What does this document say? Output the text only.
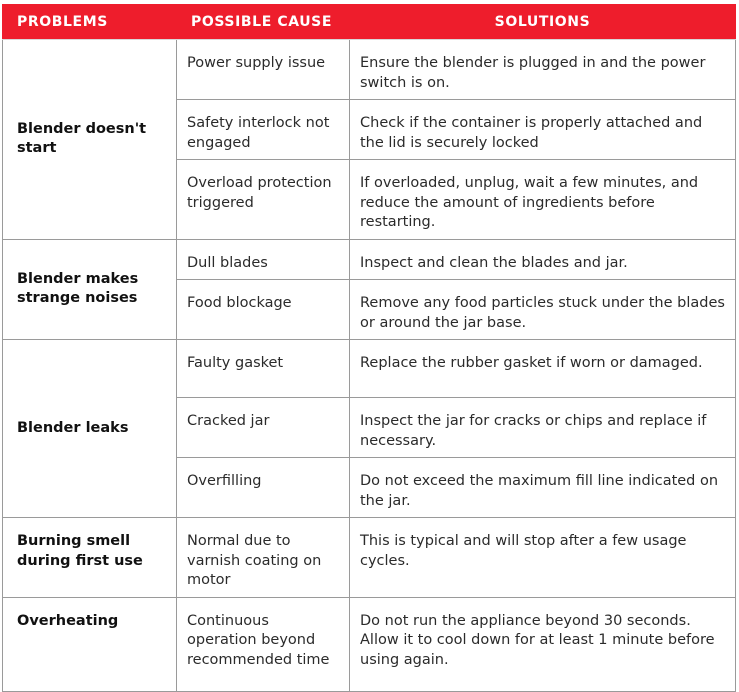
PROBLEMS	POSSIBLE CAUSE	SOLUTIONS
Blender doesn't start	Power supply issue	Ensure the blender is plugged in and the power switch is on.
	Safety interlock not engaged	Check if the container is properly attached and the lid is securely locked
	Overload protection triggered	If overloaded, unplug, wait a few minutes, and reduce the amount of ingredients before restarting.
Blender makes strange noises	Dull blades	Inspect and clean the blades and jar.
	Food blockage	Remove any food particles stuck under the blades or around the jar base.
Blender leaks	Faulty gasket	Replace the rubber gasket if worn or damaged.
	Cracked jar	Inspect the jar for cracks or chips and replace if necessary.
	Overfilling	Do not exceed the maximum fill line indicated on the jar.
Burning smell during first use	Normal due to varnish coating on motor	This is typical and will stop after a few usage cycles.
Overheating	Continuous operation beyond recommended time	Do not run the appliance beyond 30 seconds. Allow it to cool down for at least 1 minute before using again.
